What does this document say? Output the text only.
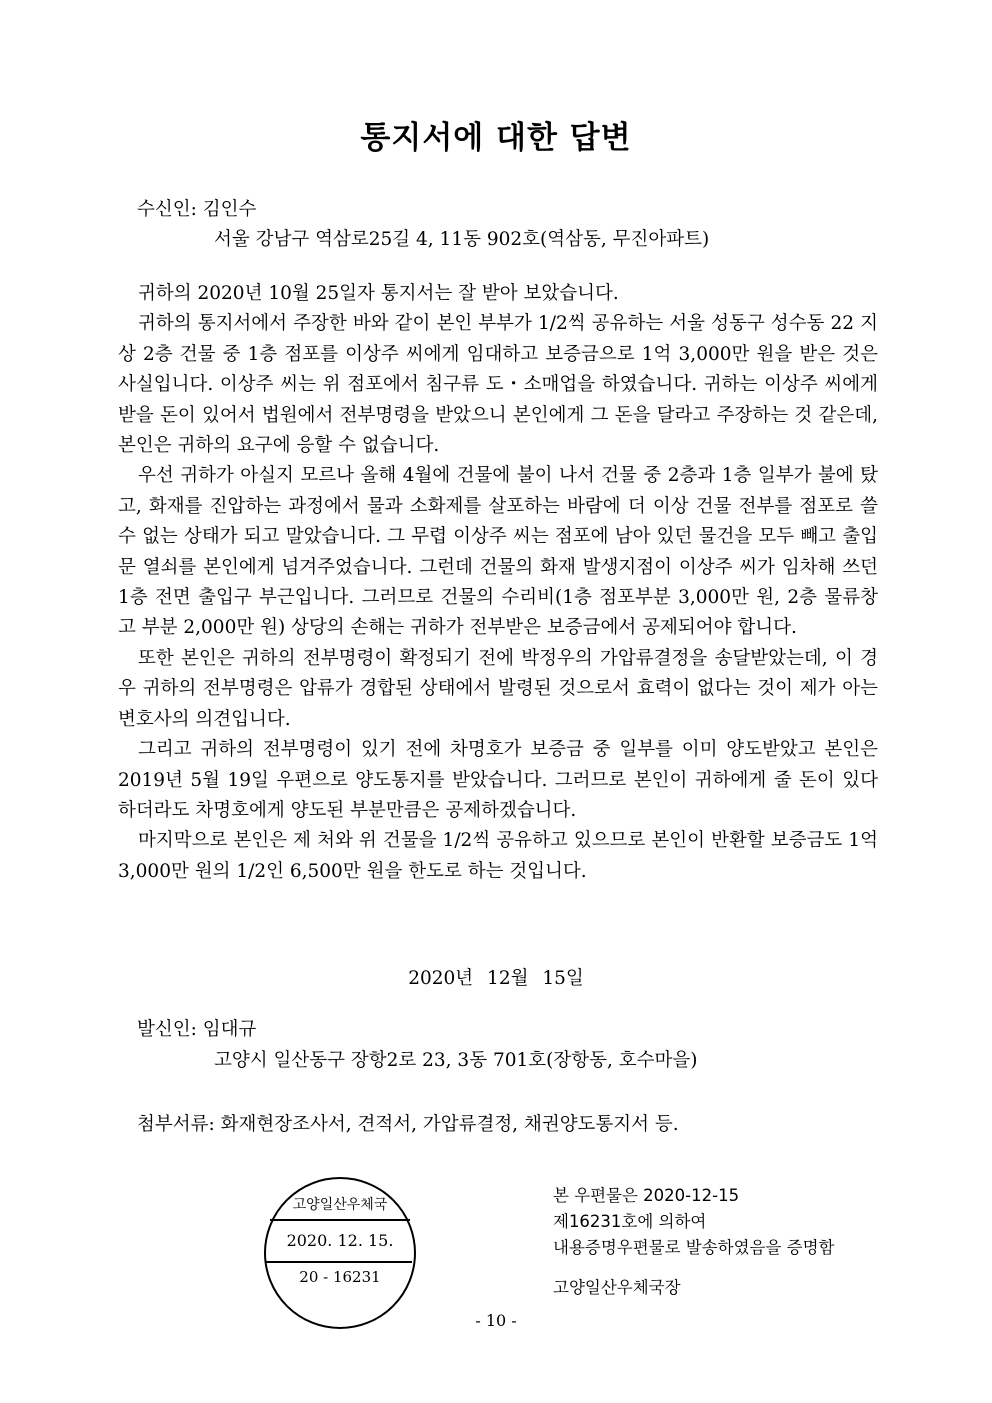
통지서에 대한 답변
수신인: 김인수
서울 강남구 역삼로25길 4, 11동 902호(역삼동, 무진아파트)

귀하의 2020년 10월 25일자 통지서는 잘 받아 보았습니다.

귀하의 통지서에서 주장한 바와 같이 본인 부부가 1/2씩 공유하는 서울 성동구 성수동 22 지상 2층 건물 중 1층 점포를 이상주 씨에게 임대하고 보증금으로 1억 3,000만 원을 받은 것은 사실입니다. 이상주 씨는 위 점포에서 침구류 도・소매업을 하였습니다. 귀하는 이상주 씨에게 받을 돈이 있어서 법원에서 전부명령을 받았으니 본인에게 그 돈을 달라고 주장하는 것 같은데, 본인은 귀하의 요구에 응할 수 없습니다.

우선 귀하가 아실지 모르나 올해 4월에 건물에 불이 나서 건물 중 2층과 1층 일부가 불에 탔고, 화재를 진압하는 과정에서 물과 소화제를 살포하는 바람에 더 이상 건물 전부를 점포로 쓸 수 없는 상태가 되고 말았습니다. 그 무렵 이상주 씨는 점포에 남아 있던 물건을 모두 빼고 출입문 열쇠를 본인에게 넘겨주었습니다. 그런데 건물의 화재 발생지점이 이상주 씨가 임차해 쓰던 1층 전면 출입구 부근입니다. 그러므로 건물의 수리비(1층 점포부분 3,000만 원, 2층 물류창고 부분 2,000만 원) 상당의 손해는 귀하가 전부받은 보증금에서 공제되어야 합니다.

또한 본인은 귀하의 전부명령이 확정되기 전에 박정우의 가압류결정을 송달받았는데, 이 경우 귀하의 전부명령은 압류가 경합된 상태에서 발령된 것으로서 효력이 없다는 것이 제가 아는 변호사의 의견입니다.

그리고 귀하의 전부명령이 있기 전에 차명호가 보증금 중 일부를 이미 양도받았고 본인은 2019년 5월 19일 우편으로 양도통지를 받았습니다. 그러므로 본인이 귀하에게 줄 돈이 있다 하더라도 차명호에게 양도된 부분만큼은 공제하겠습니다.

마지막으로 본인은 제 처와 위 건물을 1/2씩 공유하고 있으므로 본인이 반환할 보증금도 1억 3,000만 원의 1/2인 6,500만 원을 한도로 하는 것입니다.

2020년 12월 15일
발신인: 임대규
고양시 일산동구 장항2로 23, 3동 701호(장항동, 호수마을)
첨부서류: 화재현장조사서, 견적서, 가압류결정, 채권양도통지서 등.
고양일산우체국
2020. 12. 15.
20 - 16231
본 우편물은 2020-12-15
제16231호에 의하여
내용증명우편물로 발송하였음을 증명함
고양일산우체국장
- 10 -
